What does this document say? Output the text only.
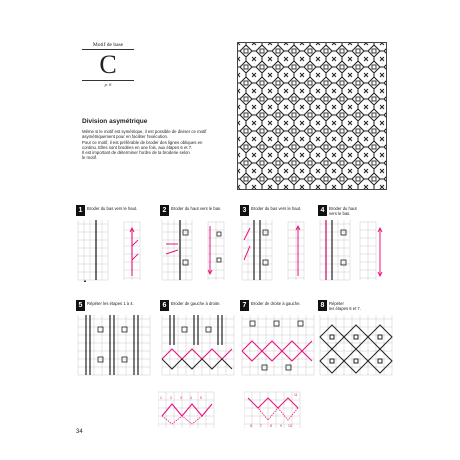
Motif de base
C
p. 6
Division asymétrique
Même si le motif est symétrique, il est possible de diviser ce motif
asymétriquement pour en faciliter l'exécution.
Pour ce motif, il est préférable de broder des lignes obliques en
continu. Elles sont brodées en une fois, aux étapes 6 et 7.
Il est important de déterminer l'ordre de la broderie selon
le motif.
1	Broder du bas vers le haut.
▲
2	Broder du haut vers le bas.	3	Broder du bas vers le haut.	4	Broder du haut
vers le bas.
5	Répéter les étapes 1 à 4.	6	Broder de gauche à droite.	7	Broder de droite à gauche.	8	Répéter
les étapes 6 et 7.
1 2 3 4 5
6 7 8 9 10
11
34
